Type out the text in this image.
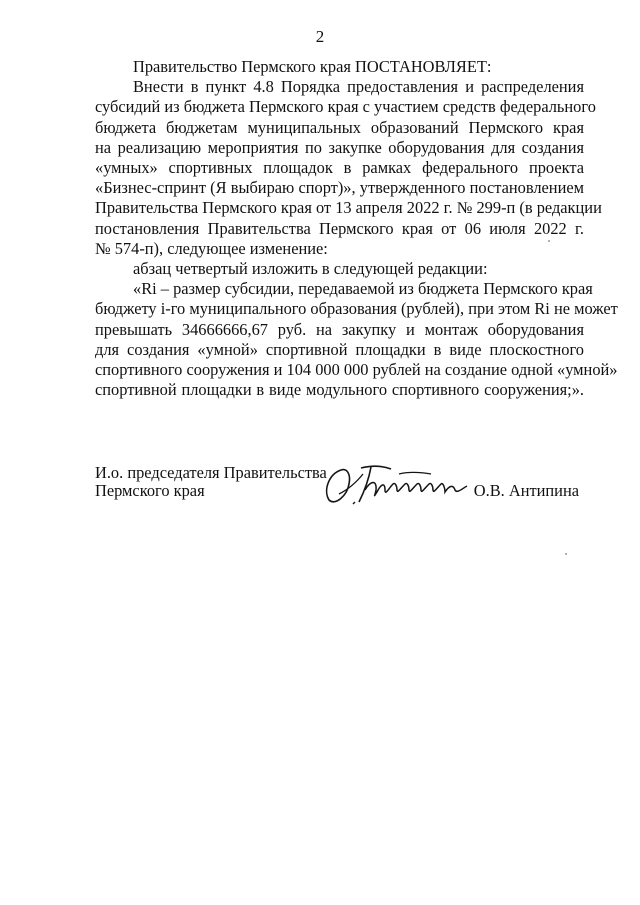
2
Правительство Пермского края ПОСТАНОВЛЯЕТ:
Внести в пункт 4.8 Порядка предоставления и распределения
субсидий из бюджета Пермского края с участием средств федерального
бюджета бюджетам муниципальных образований Пермского края
на реализацию мероприятия по закупке оборудования для создания
«умных» спортивных площадок в рамках федерального проекта
«Бизнес-спринт (Я выбираю спорт)», утвержденного постановлением
Правительства Пермского края от 13 апреля 2022 г. № 299-п (в редакции
постановления Правительства Пермского края от 06 июля 2022 г.
№ 574-п), следующее изменение:
абзац четвертый изложить в следующей редакции:
«Ri – размер субсидии, передаваемой из бюджета Пермского края
бюджету i-го муниципального образования (рублей), при этом Ri не может
превышать 34666666,67 руб. на закупку и монтаж оборудования
для создания «умной» спортивной площадки в виде плоскостного
спортивного сооружения и 104 000 000 рублей на создание одной «умной»
спортивной площадки в виде модульного спортивного сооружения;».
И.о. председателя Правительства
Пермского края	О.В. Антипина
